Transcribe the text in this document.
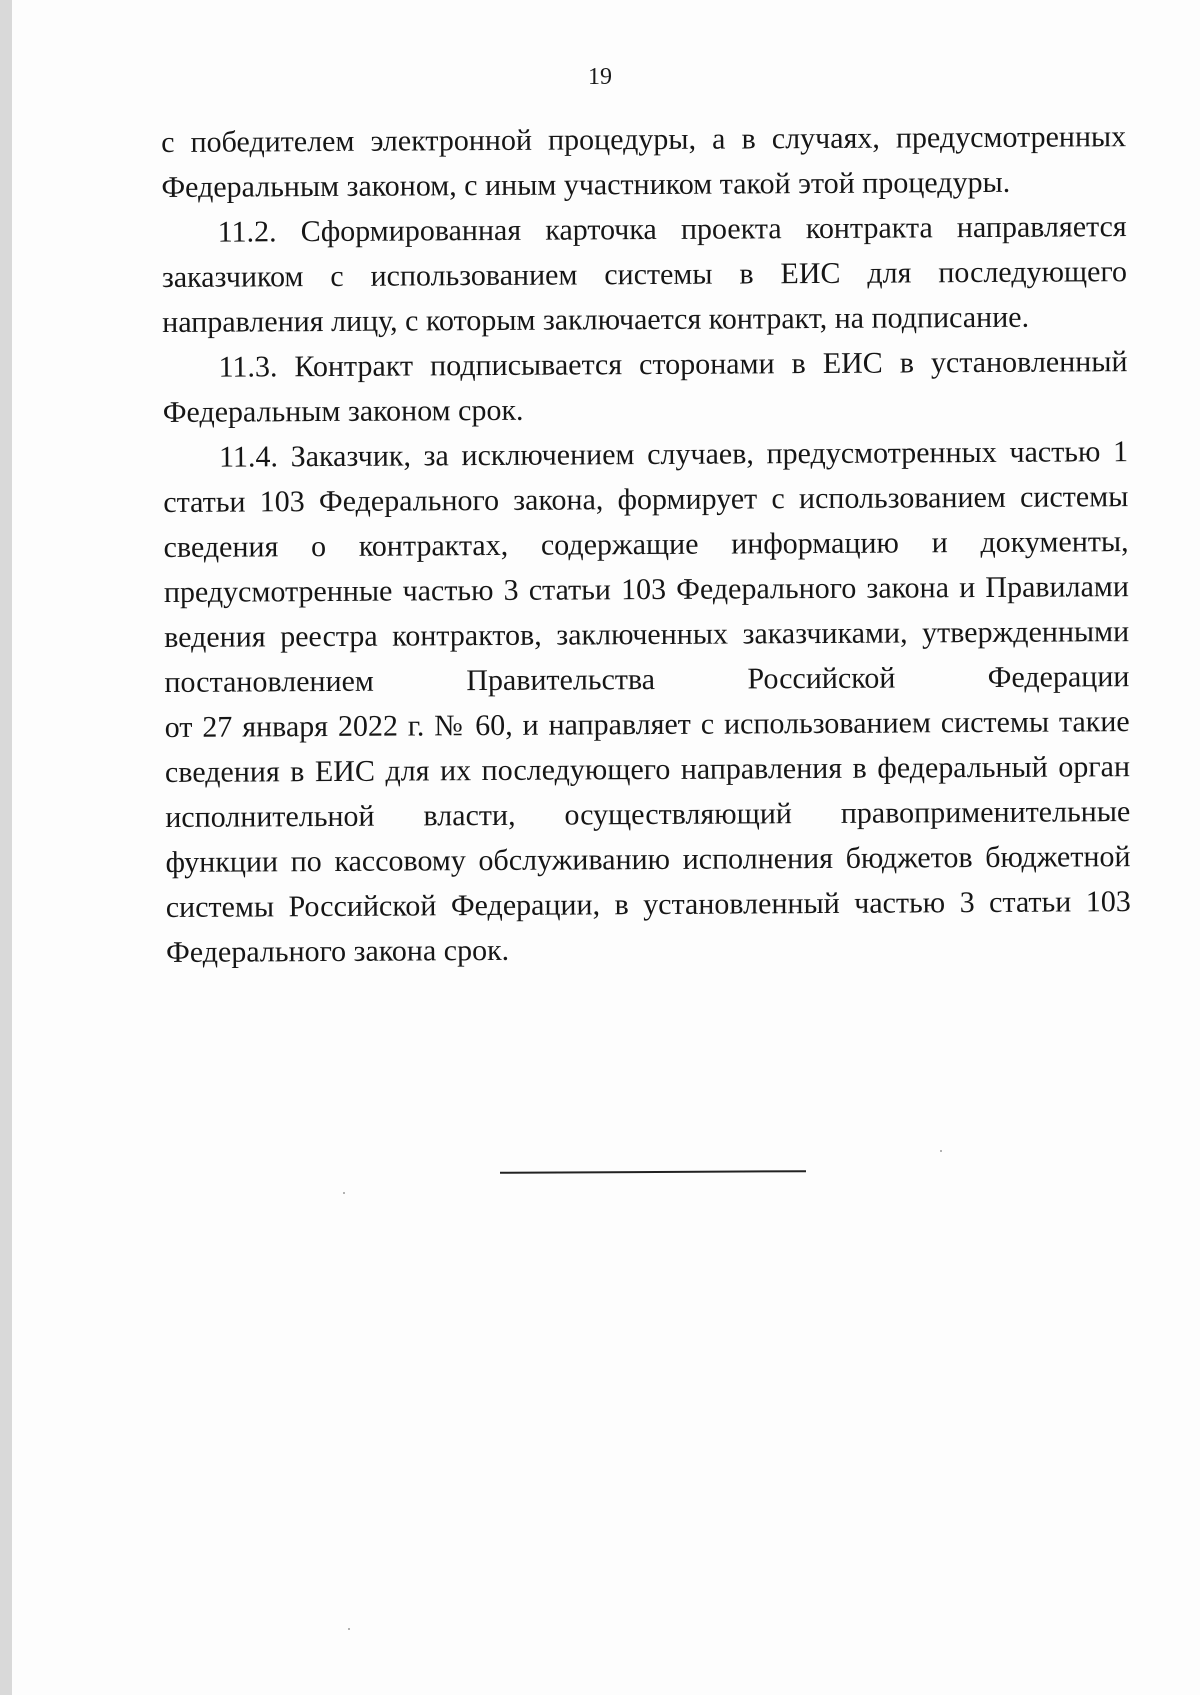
19

с победителем электронной процедуры, а в случаях, предусмотренных
Федеральным законом, с иным участником такой этой процедуры.

11.2. Сформированная карточка проекта контракта направляется
заказчиком с использованием системы в ЕИС для последующего
направления лицу, с которым заключается контракт, на подписание.

11.3. Контракт подписывается сторонами в ЕИС в установленный
Федеральным законом срок.

11.4. Заказчик, за исключением случаев, предусмотренных частью 1
статьи 103 Федерального закона, формирует с использованием системы
сведения о контрактах, содержащие информацию и документы,
предусмотренные частью 3 статьи 103 Федерального закона и Правилами
ведения реестра контрактов, заключенных заказчиками, утвержденными
постановлением Правительства Российской Федерации
от 27 января 2022 г. № 60, и направляет с использованием системы такие
сведения в ЕИС для их последующего направления в федеральный орган
исполнительной власти, осуществляющий правоприменительные
функции по кассовому обслуживанию исполнения бюджетов бюджетной
системы Российской Федерации, в установленный частью 3 статьи 103
Федерального закона срок.
